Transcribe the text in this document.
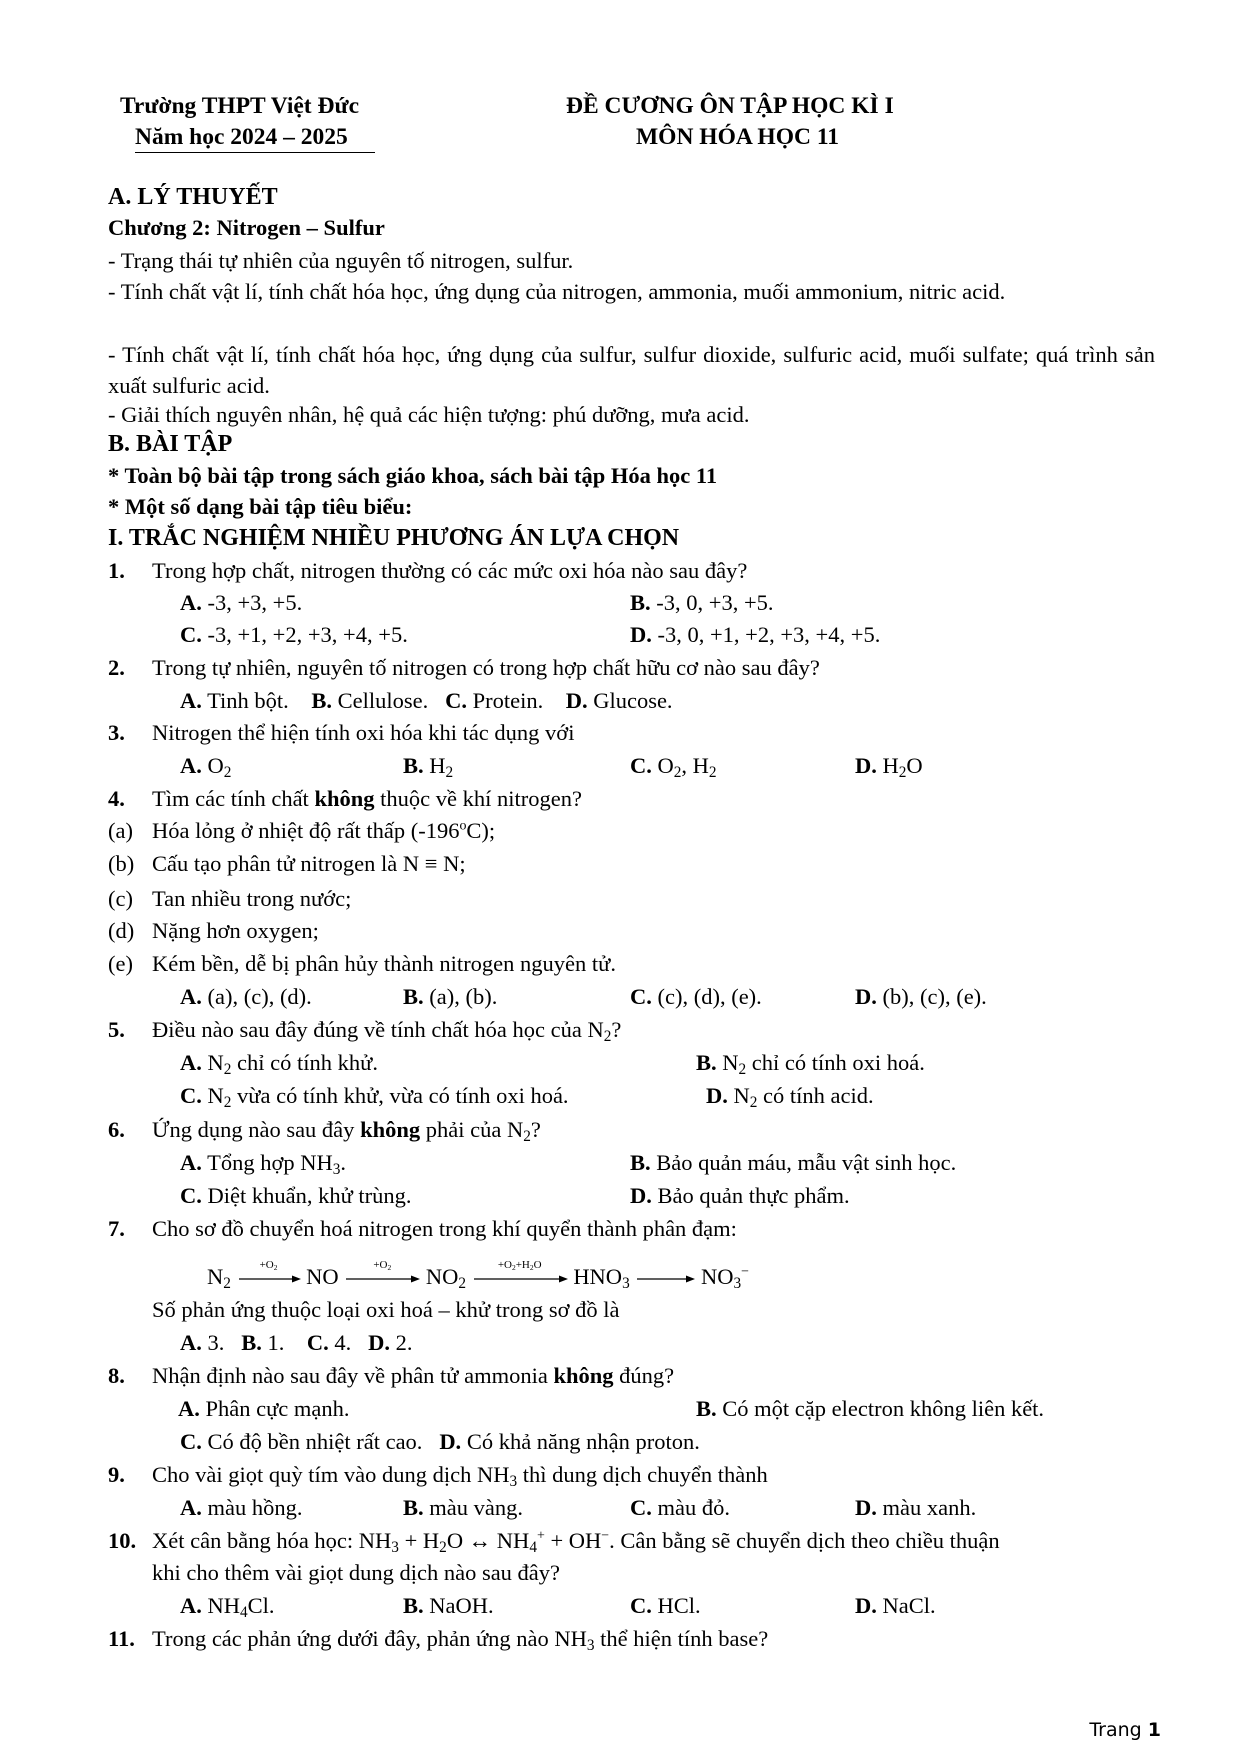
Trường THPT Việt Đức
Năm học 2024 – 2025
ĐỀ CƯƠNG ÔN TẬP HỌC KÌ I
MÔN HÓA HỌC 11
A. LÝ THUYẾT
Chương 2: Nitrogen – Sulfur
- Trạng thái tự nhiên của nguyên tố nitrogen, sulfur.
- Tính chất vật lí, tính chất hóa học, ứng dụng của nitrogen, ammonia, muối ammonium, nitric acid.
- Tính chất vật lí, tính chất hóa học, ứng dụng của sulfur, sulfur dioxide, sulfuric acid, muối sulfate; quá trình sản xuất sulfuric acid.
- Giải thích nguyên nhân, hệ quả các hiện tượng: phú dưỡng, mưa acid.
B. BÀI TẬP
* Toàn bộ bài tập trong sách giáo khoa, sách bài tập Hóa học 11
* Một số dạng bài tập tiêu biểu:
I. TRẮC NGHIỆM NHIỀU PHƯƠNG ÁN LỰA CHỌN
1. Trong hợp chất, nitrogen thường có các mức oxi hóa nào sau đây?
A. -3, +3, +5.	B. -3, 0, +3, +5.
C. -3, +1, +2, +3, +4, +5.	D. -3, 0, +1, +2, +3, +4, +5.
2. Trong tự nhiên, nguyên tố nitrogen có trong hợp chất hữu cơ nào sau đây?
A. Tinh bột. B. Cellulose. C. Protein. D. Glucose.
3. Nitrogen thể hiện tính oxi hóa khi tác dụng với
A. $O_2$	B. $H_2$	C. $O_2$, $H_2$	D. $H_2O$
4. Tìm các tính chất không thuộc về khí nitrogen?
(a) Hóa lỏng ở nhiệt độ rất thấp (-196$^o$C);
(b) Cấu tạo phân tử nitrogen là N ≡ N;
(c) Tan nhiều trong nước;
(d) Nặng hơn oxygen;
(e) Kém bền, dễ bị phân hủy thành nitrogen nguyên tử.
A. (a), (c), (d).	B. (a), (b).	C. (c), (d), (e).	D. (b), (c), (e).
5. Điều nào sau đây đúng về tính chất hóa học của $N_2$?
A. $N_2$ chỉ có tính khử.	B. $N_2$ chỉ có tính oxi hoá.
C. $N_2$ vừa có tính khử, vừa có tính oxi hoá.	D. $N_2$ có tính acid.
6. Ứng dụng nào sau đây không phải của $N_2$?
A. Tổng hợp $NH_3$.	B. Bảo quản máu, mẫu vật sinh học.
C. Diệt khuẩn, khử trùng.	D. Bảo quản thực phẩm.
7. Cho sơ đồ chuyển hoá nitrogen trong khí quyển thành phân đạm:
$N_2$
$+O_2$	NO	$+O_2$	$NO_2$
$+O_2+H_2O$	$HNO_3 \to NO_3^-$
Số phản ứng thuộc loại oxi hoá – khử trong sơ đồ là
A. 3. B. 1. C. 4. D. 2.
8. Nhận định nào sau đây về phân tử ammonia không đúng?
A. Phân cực mạnh.	B. Có một cặp electron không liên kết.
C. Có độ bền nhiệt rất cao. D. Có khả năng nhận proton.
9. Cho vài giọt quỳ tím vào dung dịch $NH_3$ thì dung dịch chuyển thành
A. màu hồng.	B. màu vàng.	C. màu đỏ.	D. màu xanh.
10. Xét cân bằng hóa học: $NH_3 + H_2O$ ↔ $NH_4^+ + OH^-$. Cân bằng sẽ chuyển dịch theo chiều thuận
khi cho thêm vài giọt dung dịch nào sau đây?
A. $NH_4Cl$.	B. NaOH.	C. HCl.	D. NaCl.
11. Trong các phản ứng dưới đây, phản ứng nào $NH_3$ thể hiện tính base?
Trang 1
